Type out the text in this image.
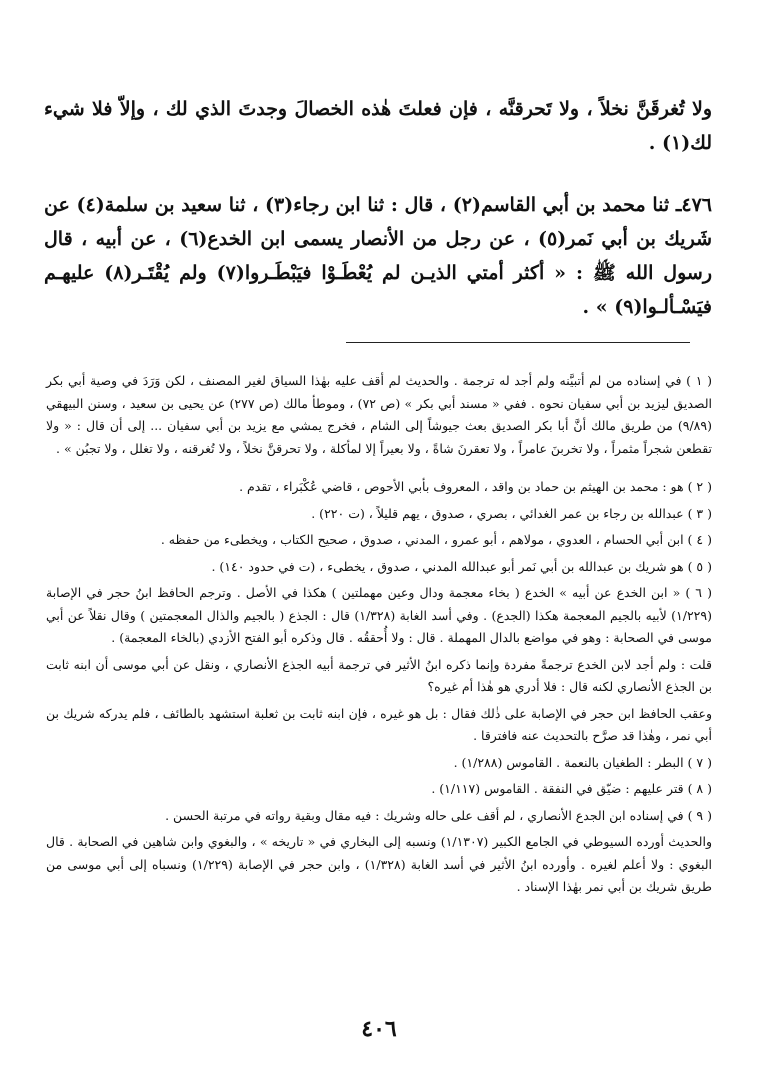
ولا تُغرقَنَّ نخلاً ، ولا تَحرقنَّه ، فإن فعلتَ هٰذه الخصالَ وجدتَ الذي لك ، وإلاّ فلا شيء لك(١) .

٤٧٦ـ ثنا محمد بن أبي القاسم(٢) ، قال : ثنا ابن رجاء(٣) ، ثنا سعيد بن سلمة(٤) عن شَريك بن أبي نَمر(٥) ، عن رجل من الأنصار يسمى ابن الخدع(٦) ، عن أبيه ، قال رسول الله ﷺ : « أكثر أمتي الذيـن لم يُعْطَـوْا فيَبْطَـروا(٧) ولم يُقْتَـر(٨) عليهـم فيَسْـألـوا(٩) » .

( ١ ) في إسناده من لم أتبيَّنه ولم أجد له ترجمة . والحديث لم أقف عليه بهٰذا السياق لغير المصنف ، لكن وَرَدَ في وصية أبي بكر الصديق ليزيد بن أبي سفيان نحوه . ففي « مسند أبي بكر » (ص ٧٢) ، وموطأ مالك (ص ٢٧٧) عن يحيى بن سعيد ، وسنن البيهقي (٩/٨٩) من طريق مالك أنَّ أبا بكر الصديق بعث جيوشاً إلى الشام ، فخرج يمشي مع يزيد بن أبي سفيان ... إلى أن قال : « ولا تقطعن شجراً مثمراً ، ولا تخربنَ عامراً ، ولا تعقرنَ شاةً ، ولا بعيراً إلا لمأكلة ، ولا تحرقنَّ نخلاً ، ولا تُغرقنه ، ولا تغلل ، ولا تجبُن » .

( ٢ ) هو : محمد بن الهيثم بن حماد بن واقد ، المعروف بأبي الأحوص ، قاضي عُكْبَراء ، تقدم .

( ٣ ) عبدالله بن رجاء بن عمر الغدائي ، بصري ، صدوق ، يهم قليلاً ، (ت ٢٢٠) .

( ٤ ) ابن أبي الحسام ، العدوي ، مولاهم ، أبو عمرو ، المدني ، صدوق ، صحيح الكتاب ، ويخطىء من حفظه .

( ٥ ) هو شريك بن عبدالله بن أبي نَمر أبو عبدالله المدني ، صدوق ، يخطىء ، (ت في حدود ١٤٠) .

( ٦ ) « ابن الخدع عن أبيه » الخدع ( بخاء معجمة ودال وعين مهملتين ) هكذا في الأصل . وترجم الحافظ ابنُ حجر في الإصابة (١/٢٢٩) لأبيه بالجيم المعجمة هكذا (الجدع) . وفي أسد الغابة (١/٣٢٨) قال : الجذع ( بالجيم والذال المعجمتين ) وقال نقلاً عن أبي موسى في الصحابة : وهو في مواضع بالدال المهملة . قال : ولا أُحققُه . قال وذكره أبو الفتح الأزدي (بالخاء المعجمة) .

قلت : ولم أجد لابن الخدع ترجمةً مفردة وإنما ذكره ابنُ الأثير في ترجمة أبيه الجذع الأنصاري ، ونقل عن أبي موسى أن ابنه ثابت بن الجذع الأنصاري لكنه قال : فلا أدري هو هٰذا أم غيره؟

وعقب الحافظ ابن حجر في الإصابة على ذٰلك فقال : بل هو غيره ، فإن ابنه ثابت بن ثعلبة استشهد بالطائف ، فلم يدركه شريك بن أبي نمر ، وهٰذا قد صرَّح بالتحديث عنه فافترقا .

( ٧ ) البطر : الطغيان بالنعمة . القاموس (١/٢٨٨) .

( ٨ ) قتر عليهم : ضيّق في النفقة . القاموس (١/١١٧) .

( ٩ ) في إسناده ابن الجدع الأنصاري ، لم أقف على حاله وشريك : فيه مقال وبقية رواته في مرتبة الحسن .

والحديث أورده السيوطي في الجامع الكبير (١/١٣٠٧) ونسبه إلى البخاري في « تاريخه » ، والبغوي وابن شاهين في الصحابة . قال البغوي : ولا أعلم لغيره . وأورده ابنُ الأثير في أسد الغابة (١/٣٢٨) ، وابن حجر في الإصابة (١/٢٢٩) ونسباه إلى أبي موسى من طريق شريك بن أبي نمر بهٰذا الإسناد .

٤٠٦
